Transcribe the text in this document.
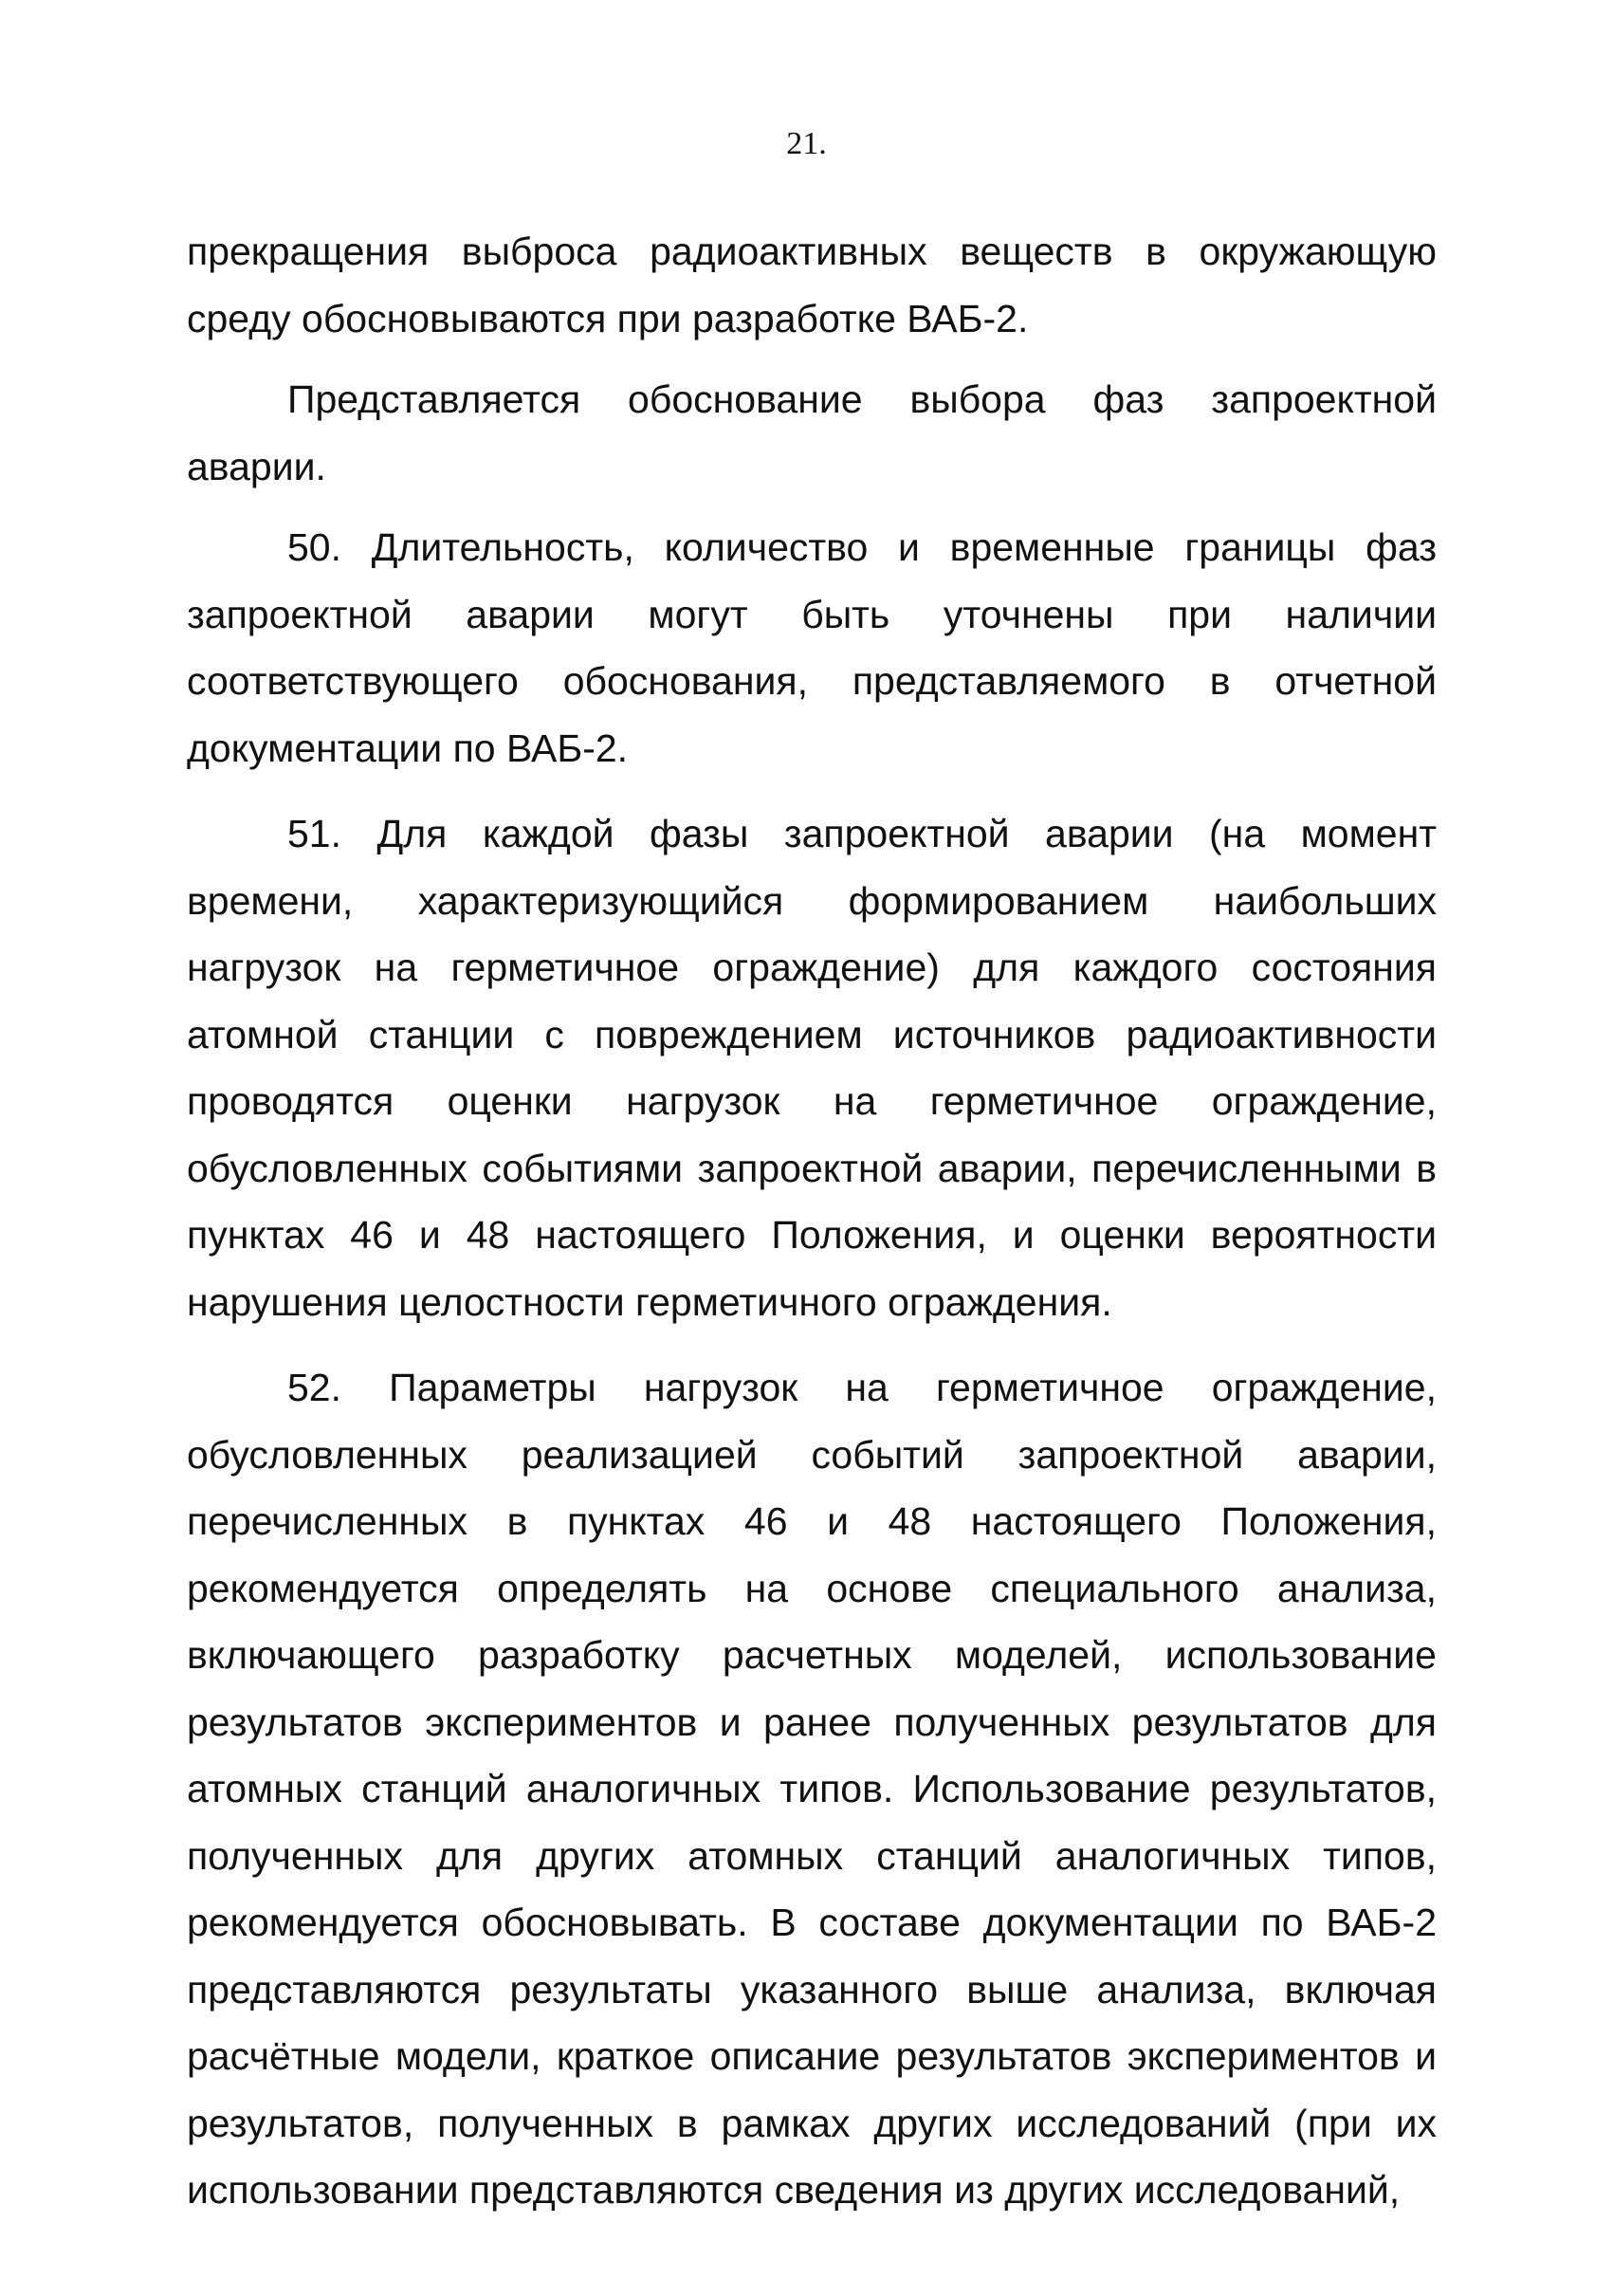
21.

прекращения выброса радиоактивных веществ в окружающую среду обосновываются при разработке ВАБ-2.

Представляется обоснование выбора фаз запроектной аварии.

50. Длительность, количество и временные границы фаз запроектной аварии могут быть уточнены при наличии соответствующего обоснования, представляемого в отчетной документации по ВАБ-2.

51. Для каждой фазы запроектной аварии (на момент времени, характеризующийся формированием наибольших нагрузок на герметичное ограждение) для каждого состояния атомной станции с повреждением источников радиоактивности проводятся оценки нагрузок на герметичное ограждение, обусловленных событиями запроектной аварии, перечисленными в пунктах 46 и 48 настоящего Положения, и оценки вероятности нарушения целостности герметичного ограждения.

52. Параметры нагрузок на герметичное ограждение, обусловленных реализацией событий запроектной аварии, перечисленных в пунктах 46 и 48 настоящего Положения, рекомендуется определять на основе специального анализа, включающего разработку расчетных моделей, использование результатов экспериментов и ранее полученных результатов для атомных станций аналогичных типов. Использование результатов, полученных для других атомных станций аналогичных типов, рекомендуется обосновывать. В составе документации по ВАБ-2 представляются результаты указанного выше анализа, включая расчётные модели, краткое описание результатов экспериментов и результатов, полученных в рамках других исследований (при их использовании представляются сведения из других исследований,
